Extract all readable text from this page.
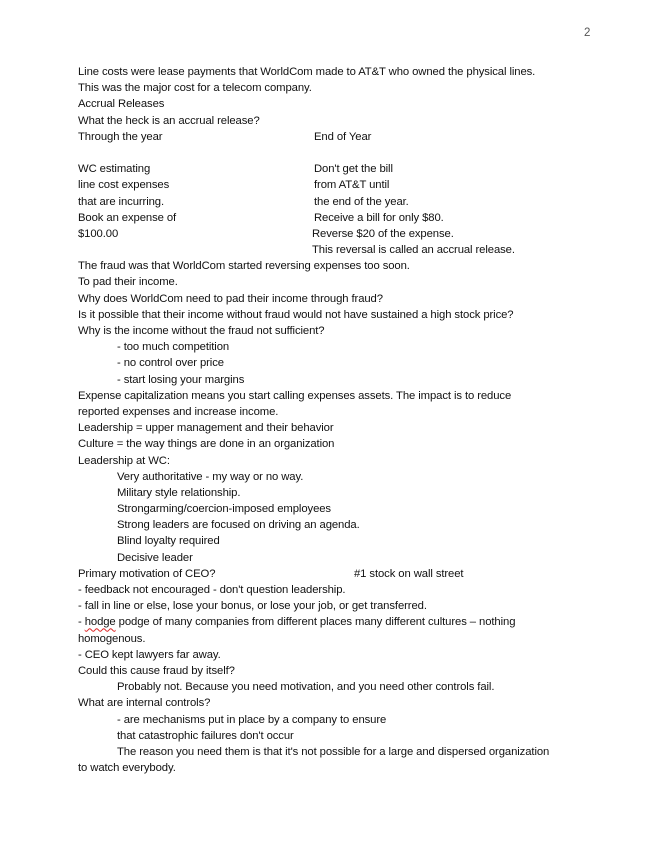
2
Line costs were lease payments that WorldCom made to AT&T who owned the physical lines.
This was the major cost for a telecom company.
Accrual Releases
What the heck is an accrual release?
Through the year	End of Year
WC estimating	Don't get the bill
line cost expenses	from AT&T until
that are incurring.	the end of the year.
Book an expense of	Receive a bill for only $80.
$100.00	Reverse $20 of the expense.
This reversal is called an accrual release.
The fraud was that WorldCom started reversing expenses too soon.
To pad their income.
Why does WorldCom need to pad their income through fraud?
Is it possible that their income without fraud would not have sustained a high stock price?
Why is the income without the fraud not sufficient?
- too much competition
- no control over price
- start losing your margins
Expense capitalization means you start calling expenses assets. The impact is to reduce
reported expenses and increase income.
Leadership = upper management and their behavior
Culture = the way things are done in an organization
Leadership at WC:
Very authoritative - my way or no way.
Military style relationship.
Strongarming/coercion-imposed employees
Strong leaders are focused on driving an agenda.
Blind loyalty required
Decisive leader
Primary motivation of CEO?	#1 stock on wall street
- feedback not encouraged - don't question leadership.
- fall in line or else, lose your bonus, or lose your job, or get transferred.
- hodge podge of many companies from different places many different cultures – nothing
homogenous.
- CEO kept lawyers far away.
Could this cause fraud by itself?
Probably not. Because you need motivation, and you need other controls fail.
What are internal controls?
- are mechanisms put in place by a company to ensure
that catastrophic failures don't occur
The reason you need them is that it's not possible for a large and dispersed organization
to watch everybody.
